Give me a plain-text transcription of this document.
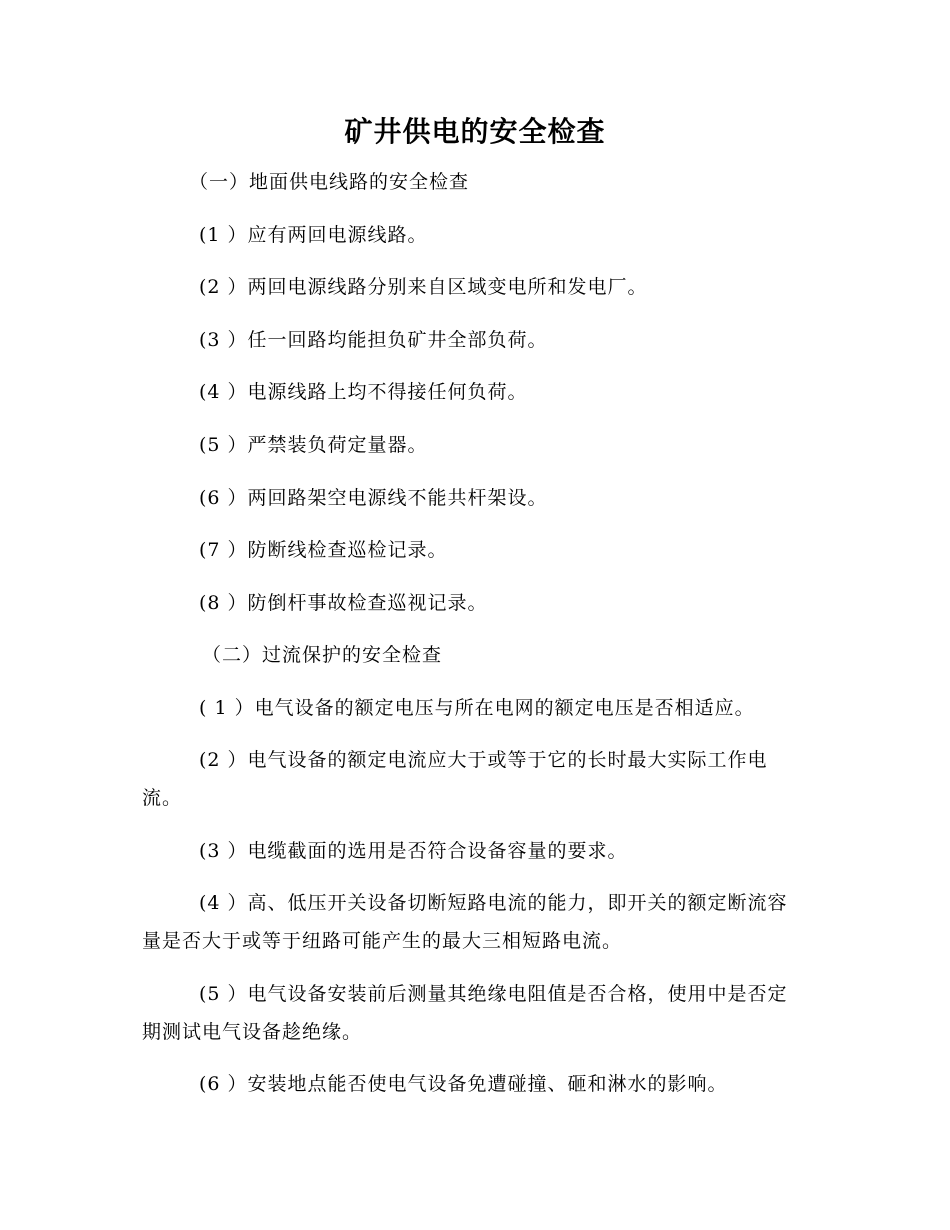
矿井供电的安全检查
（一）地面供电线路的安全检查
(1 ）应有两回电源线路。
(2 ）两回电源线路分别来自区域变电所和发电厂。
(3 ）任一回路均能担负矿井全部负荷。
(4 ）电源线路上均不得接任何负荷。
(5 ）严禁装负荷定量器。
(6 ）两回路架空电源线不能共杆架设。
(7 ）防断线检查巡检记录。
(8 ）防倒杆事故检查巡视记录。
（二）过流保护的安全检查
( 1 ）电气设备的额定电压与所在电网的额定电压是否相适应。
(2 ）电气设备的额定电流应大于或等于它的长时最大实际工作电流。
(3 ）电缆截面的选用是否符合设备容量的要求。
(4 ）高、低压开关设备切断短路电流的能力，即开关的额定断流容量是否大于或等于纽路可能产生的最大三相短路电流。
(5 ）电气设备安装前后测量其绝缘电阻值是否合格，使用中是否定期测试电气设备趁绝缘。
(6 ）安装地点能否使电气设备免遭碰撞、砸和淋水的影响。
